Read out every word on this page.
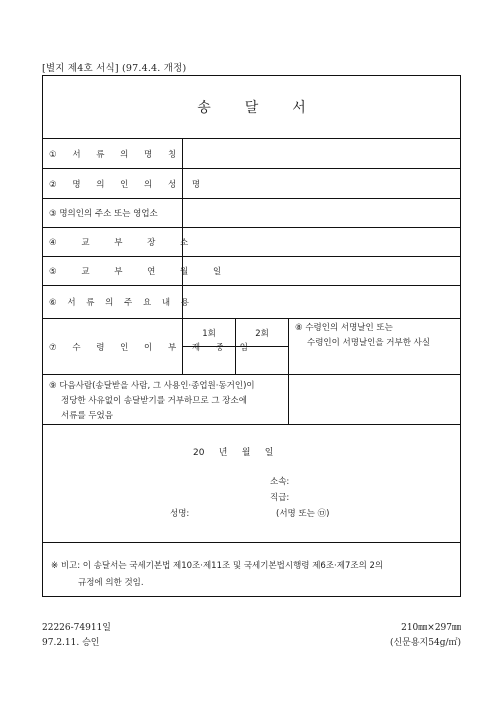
[별지 제4호 서식] (97.4.4. 개정)
송달서
① 서 류 의 명 칭
② 명 의 인 의 성 명
③ 명의인의 주소 또는 영업소
④ 교 부 장 소
⑤ 교 부 연 월 일
⑥ 서 류 의 주 요 내 용
⑦ 수 령 인 이 부 재 중 임
1회	2회
⑧ 수령인의 서명날인 또는
수령인이 서명날인을 거부한 사실
⑨ 다음사람(송달받을 사람, 그 사용인·종업원·동거인)이
정당한 사유없이 송달받기를 거부하므로 그 장소에
서류를 두었음
20     년     월     일
소속:
직급:
성명:	(서명 또는 ㉤)
※ 비고: 이 송달서는 국세기본법 제10조·제11조 및 국세기본법시행령 제6조·제7조의 2의
규정에 의한 것임.
22226-74911일
97.2.11. 승인
210㎜×297㎜
(신문용지54g/㎡)
